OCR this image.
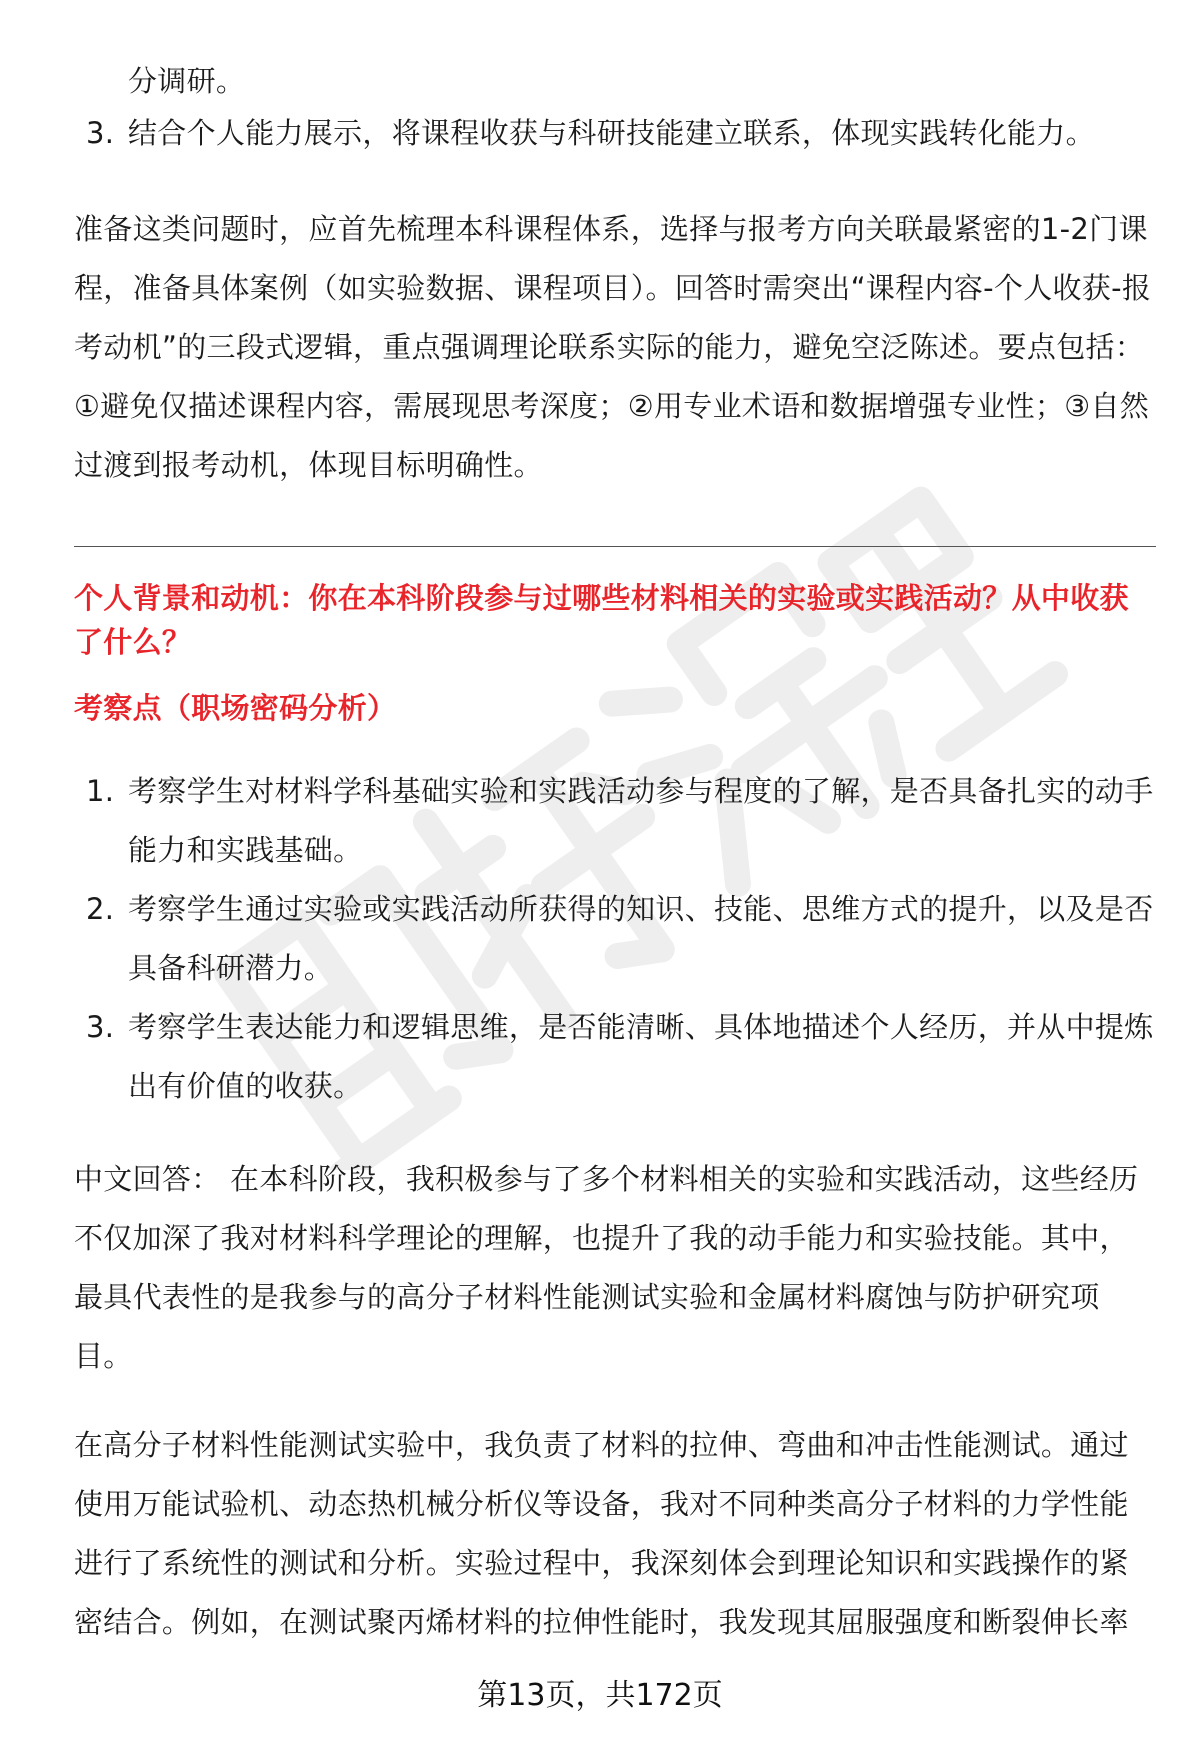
分调研。
3. 结合个人能力展示，将课程收获与科研技能建立联系，体现实践转化能力。

准备这类问题时，应首先梳理本科课程体系，选择与报考方向关联最紧密的1-2门课程，准备具体案例（如实验数据、课程项目）。回答时需突出“课程内容-个人收获-报考动机”的三段式逻辑，重点强调理论联系实际的能力，避免空泛陈述。要点包括：①避免仅描述课程内容，需展现思考深度；②用专业术语和数据增强专业性；③自然过渡到报考动机，体现目标明确性。

个人背景和动机：你在本科阶段参与过哪些材料相关的实验或实践活动？从中收获了什么？
考察点（职场密码分析）
1. 考察学生对材料学科基础实验和实践活动参与程度的了解，是否具备扎实的动手能力和实践基础。
2. 考察学生通过实验或实践活动所获得的知识、技能、思维方式的提升，以及是否具备科研潜力。
3. 考察学生表达能力和逻辑思维，是否能清晰、具体地描述个人经历，并从中提炼出有价值的收获。

中文回答： 在本科阶段，我积极参与了多个材料相关的实验和实践活动，这些经历不仅加深了我对材料科学理论的理解，也提升了我的动手能力和实验技能。其中，最具代表性的是我参与的高分子材料性能测试实验和金属材料腐蚀与防护研究项目。

在高分子材料性能测试实验中，我负责了材料的拉伸、弯曲和冲击性能测试。通过使用万能试验机、动态热机械分析仪等设备，我对不同种类高分子材料的力学性能进行了系统性的测试和分析。实验过程中，我深刻体会到理论知识和实践操作的紧密结合。例如，在测试聚丙烯材料的拉伸性能时，我发现其屈服强度和断裂伸长率

第13页，共172页
